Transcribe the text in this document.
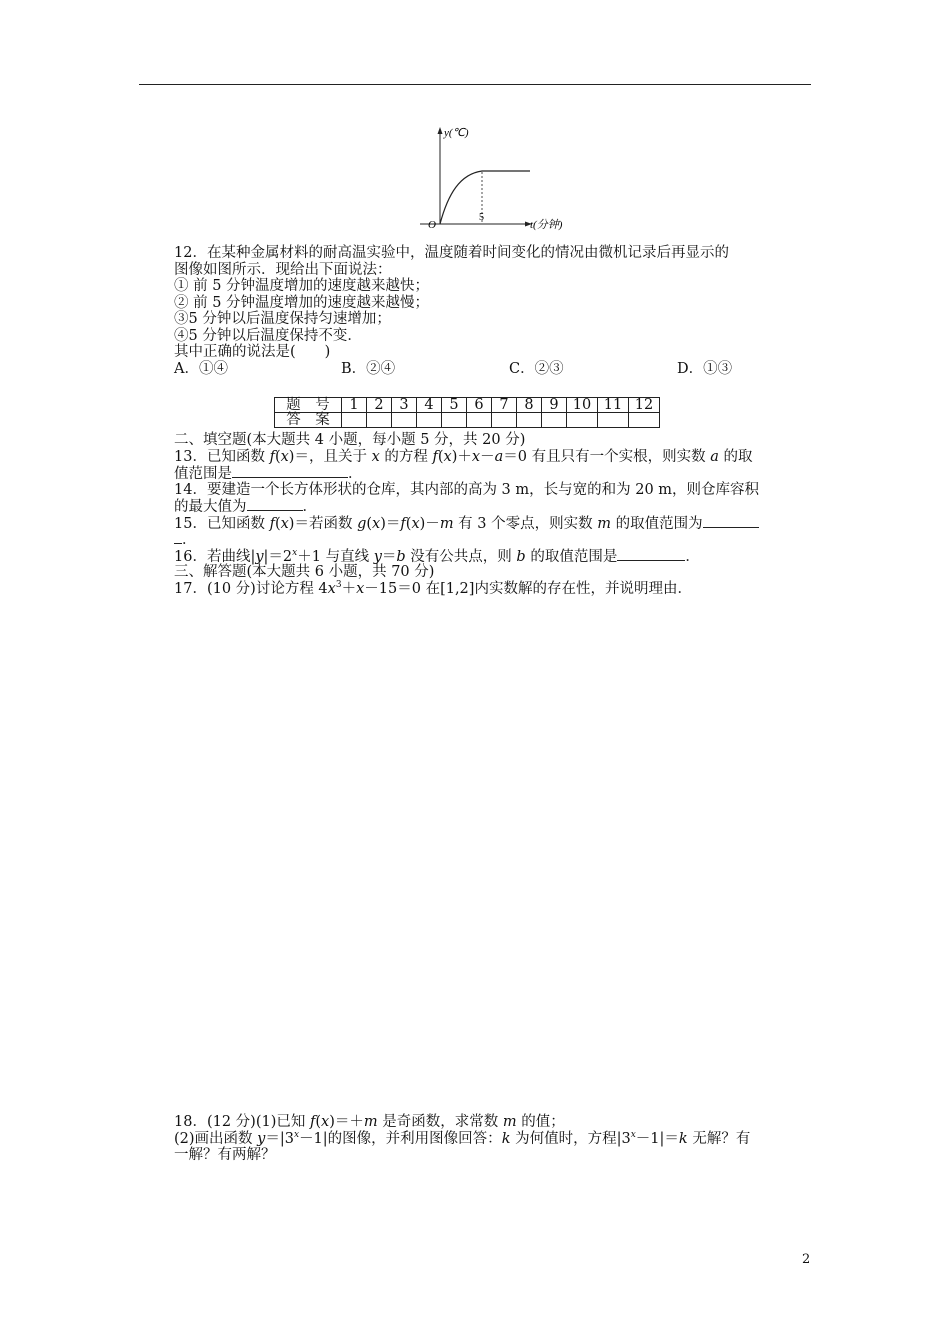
y(℃)
O
5
t(分钟)
12．在某种金属材料的耐高温实验中，温度随着时间变化的情况由微机记录后再显示的
图像如图所示．现给出下面说法：
① 前 5 分钟温度增加的速度越来越快；
② 前 5 分钟温度增加的速度越来越慢；
③5 分钟以后温度保持匀速增加；
④5 分钟以后温度保持不变．
其中正确的说法是(　　)
A．①④	B．②④	C．②③	D．①③
题　号	1	2	3	4	5	6	7	8	9	10	11	12
答　案												
二、填空题(本大题共 4 小题，每小题 5 分，共 20 分)
13．已知函数 f(x)＝，且关于 x 的方程 f(x)＋x－a＝0 有且只有一个实根，则实数 a 的取
值范围是	．
14．要建造一个长方体形状的仓库，其内部的高为 3 m，长与宽的和为 20 m，则仓库容积
的最大值为	．
15．已知函数 f(x)＝若函数 g(x)＝f(x)－m 有 3 个零点，则实数 m 的取值范围为
．
16．若曲线$|y|=2^x+1$ 与直线 y＝b 没有公共点，则 b 的取值范围是	．
三、解答题(本大题共 6 小题，共 70 分)
17．(10 分)讨论方程 $4x^3+x-15=0$ 在[1,2]内实数解的存在性，并说明理由．
18．(12 分)(1)已知 f(x)＝＋m 是奇函数，求常数 m 的值；
(2)画出函数 $y=|3^x-1|$的图像，并利用图像回答：k 为何值时，方程$|3^x-1|=k$ 无解？有
一解？有两解？
2
